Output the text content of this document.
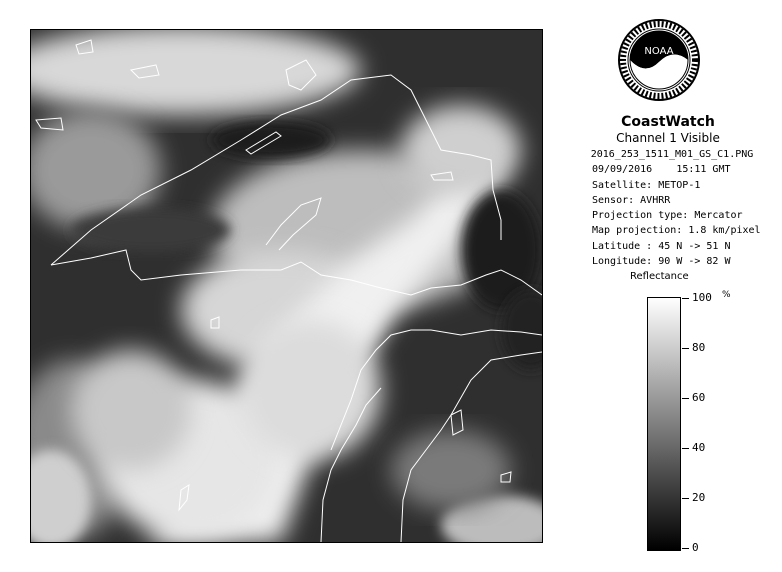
NOAA
CoastWatch
Channel 1 Visible
2016_253_1511_M01_GS_C1.PNG
09/09/2016 15:11 GMT
Satellite: METOP-1
Sensor: AVHRR
Projection type: Mercator
Map projection: 1.8 km/pixel
Latitude : 45 N -> 51 N
Longitude: 90 W -> 82 W
Reflectance
%
100
80
60
40
20
0
